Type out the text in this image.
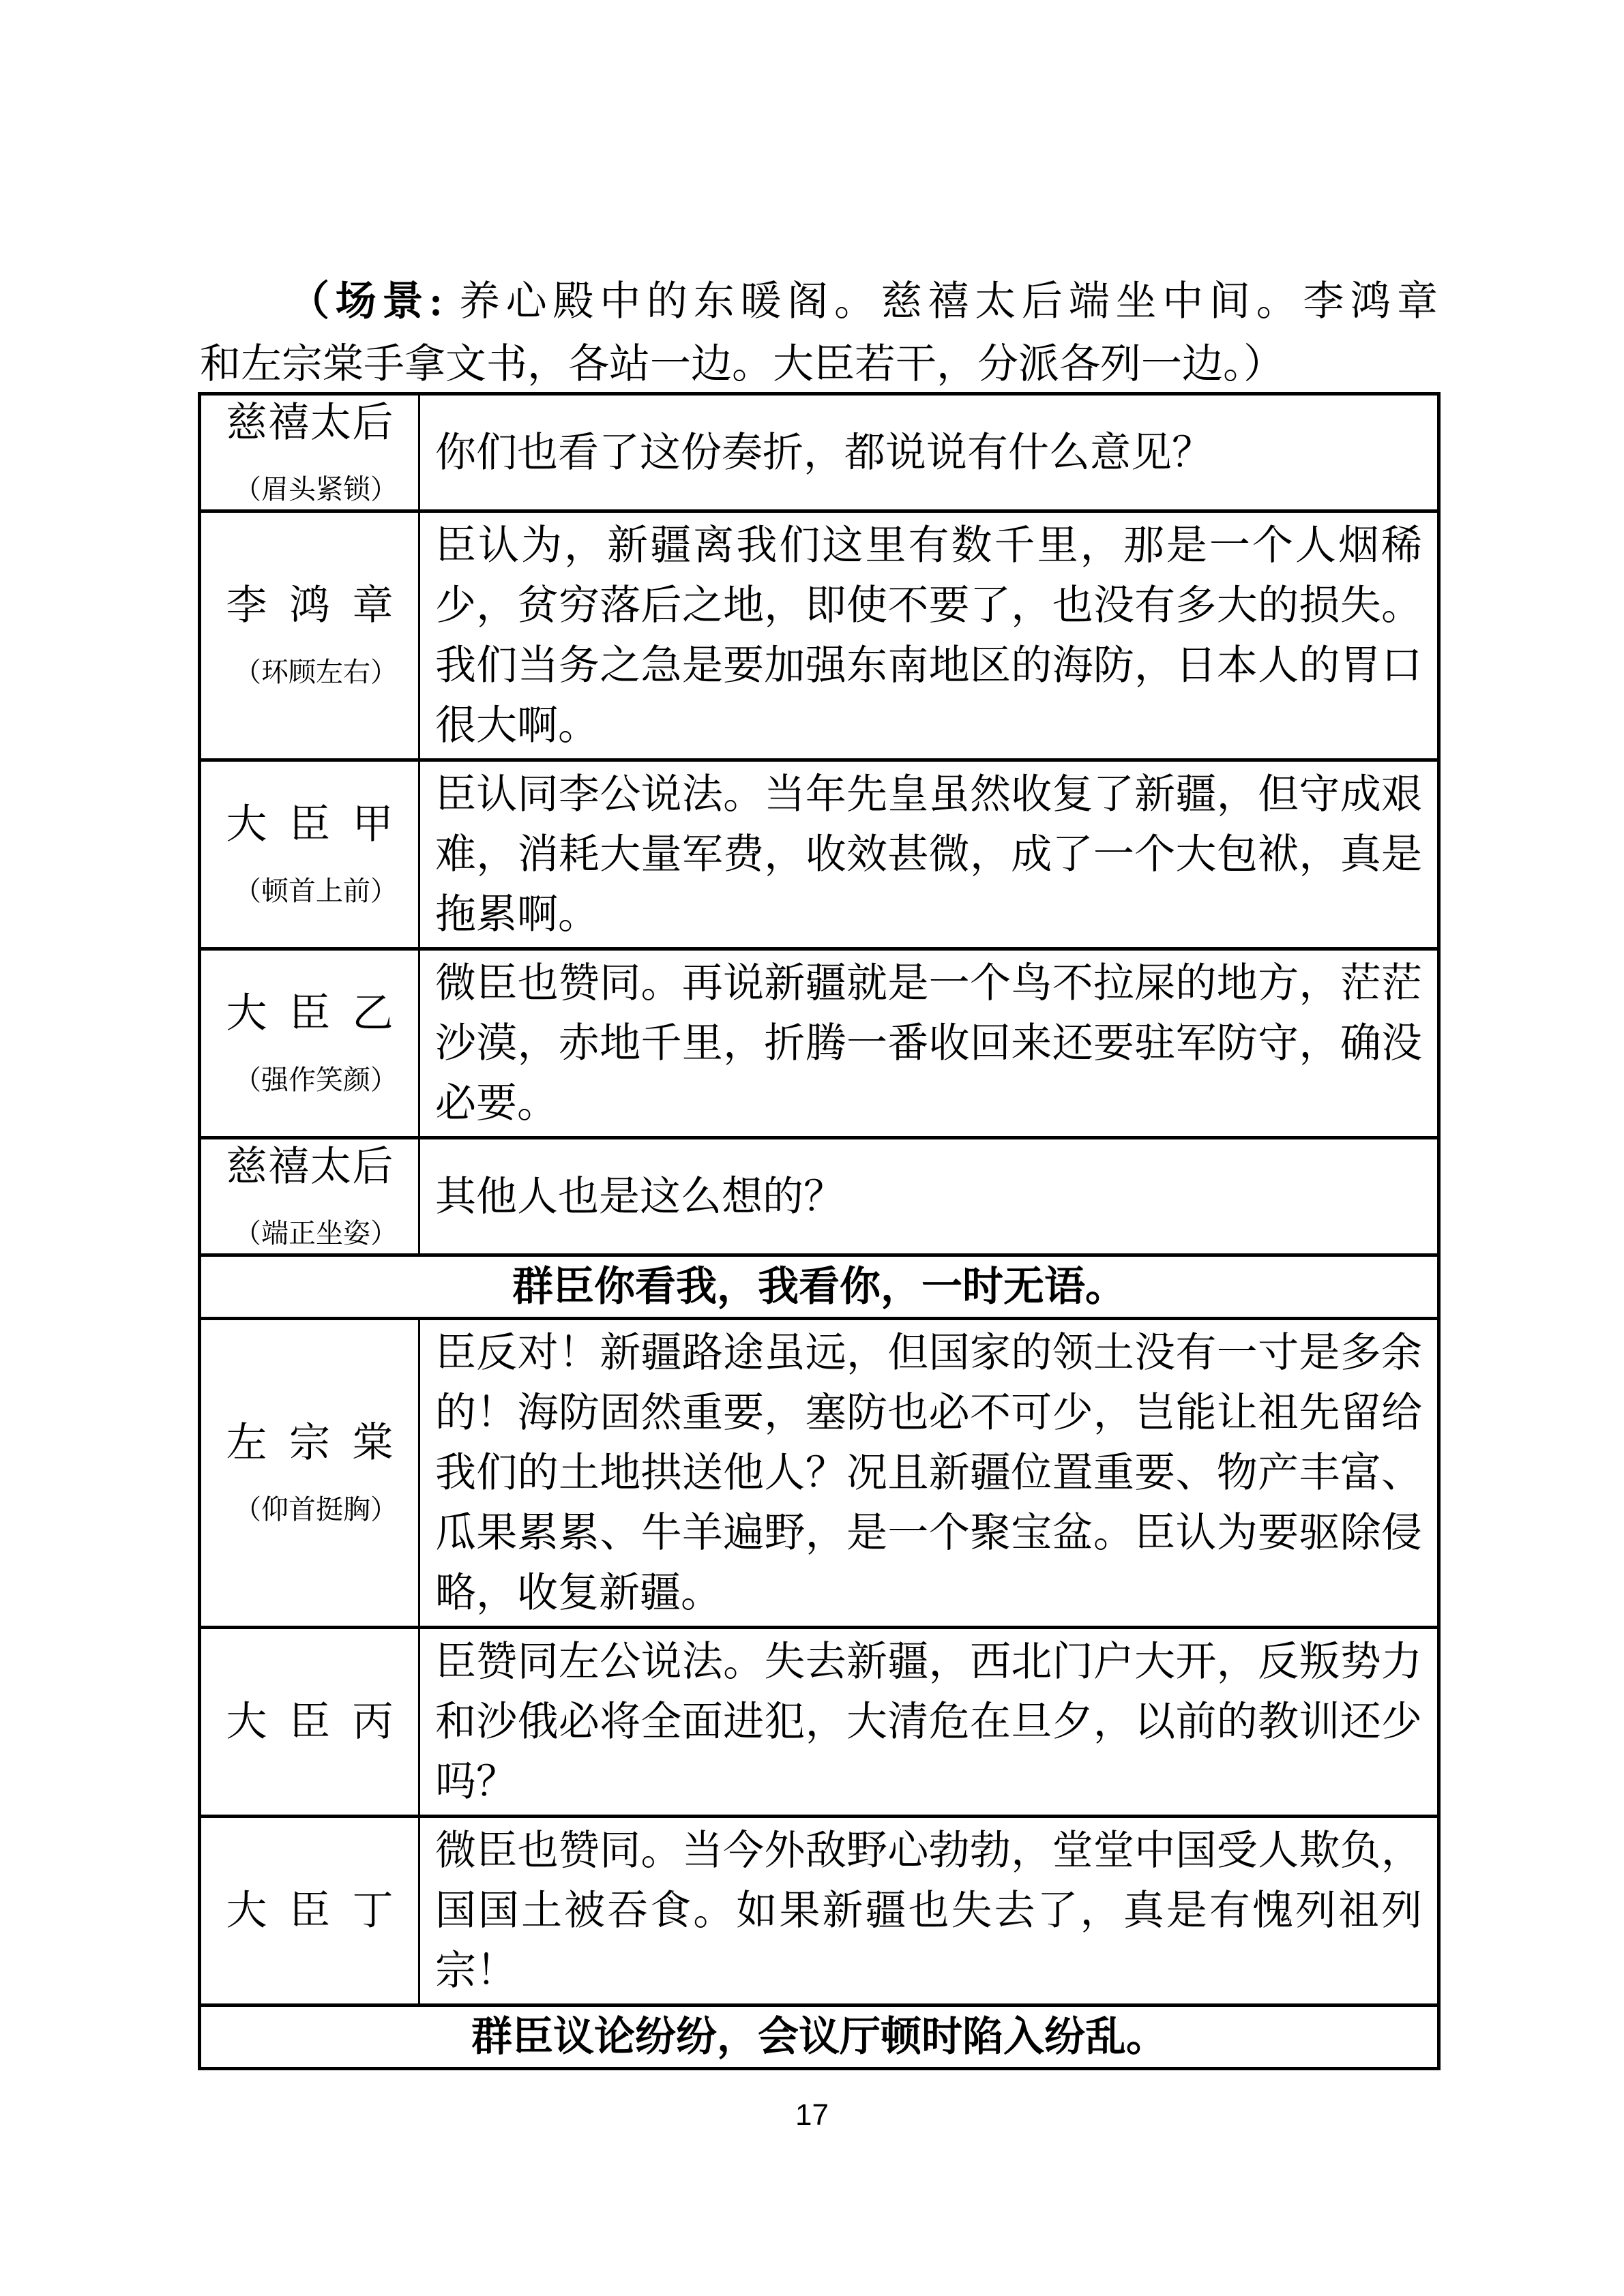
（场景: 养心殿中的东暖阁。慈禧太后端坐中间。李鸿章
和左宗棠手拿文书，各站一边。大臣若干，分派各列一边。）
慈禧太后
（眉头紧锁）	你们也看了这份奏折，都说说有什么意见？

李鸿章
（环顾左右）	臣认为，新疆离我们这里有数千里，那是一个人烟稀少，贫穷落后之地，即使不要了，也没有多大的损失。我们当务之急是要加强东南地区的海防，日本人的胃口很大啊。

大臣甲
（顿首上前）	臣认同李公说法。当年先皇虽然收复了新疆，但守成艰难，消耗大量军费，收效甚微，成了一个大包袱，真是拖累啊。

大臣乙
（强作笑颜）	微臣也赞同。再说新疆就是一个鸟不拉屎的地方，茫茫沙漠，赤地千里，折腾一番收回来还要驻军防守，确没必要。

慈禧太后
（端正坐姿）	其他人也是这么想的？
群臣你看我，我看你，一时无语。	

左宗棠
（仰首挺胸）	臣反对！新疆路途虽远，但国家的领土没有一寸是多余的！海防固然重要，塞防也必不可少，岂能让祖先留给我们的土地拱送他人？况且新疆位置重要、物产丰富、瓜果累累、牛羊遍野，是一个聚宝盆。臣认为要驱除侵略，收复新疆。

大臣丙	臣赞同左公说法。失去新疆，西北门户大开，反叛势力和沙俄必将全面进犯，大清危在旦夕，以前的教训还少吗？

大臣丁	微臣也赞同。当今外敌野心勃勃，堂堂中国受人欺负，国国土被吞食。如果新疆也失去了，真是有愧列祖列宗！
群臣议论纷纷，会议厅顿时陷入纷乱。	
17
